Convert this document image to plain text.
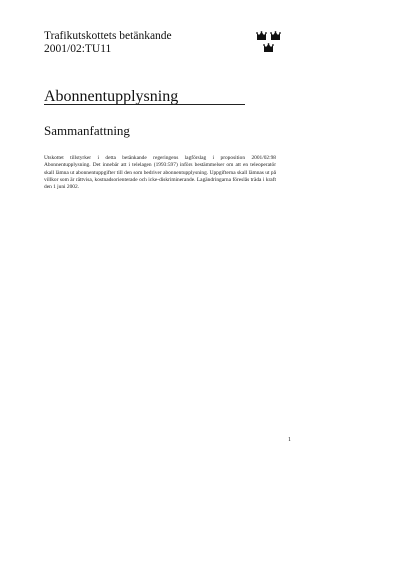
Trafikutskottets betänkande
2001/02:TU11
Abonnentupplysning
Sammanfattning
Utskottet tillstyrker i detta betänkande regeringens lagförslag i proposition 2001/02:98 Abonnentupplysning. Det innebär att i telelagen (1993:597) införs bestämmelser om att en teleoperatör skall lämna ut abonnentuppgifter till den som bedriver abonnentupplysning. Uppgifterna skall lämnas ut på villkor som är rättvisa, kostnadsorienterade och icke-diskriminerande. Lagändringarna föreslås träda i kraft den 1 juni 2002.
1
